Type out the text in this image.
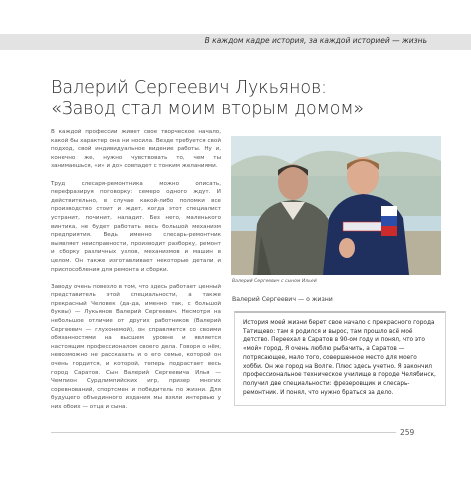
В каждом кадре история, за каждой историей — жизнь
Валерий Сергеевич Лукьянов:
«Завод стал моим вторым домом»

В каждой профессии живет свое творческое начало, какой бы характер она ни носила. Везде требуется свой подход, свой индивидуальное видение работы. Ну и, конечно же, нужно чувствовать то, чем ты занимаешься, «и» и до» совпадет с тонким желаниями.

Труд слесаря-ремонтника можно описать, перефразируя поговорку: семеро одного ждут. И действительно, в случае какой-либо поломки все производство стоит и ждет, когда этот специалист устранит, починит, наладит. Без него, маленького винтика, не будет работать весь большой механизм предприятия. Ведь именно слесарь-ремонтник выявляет неисправности, производит разборку, ремонт и сборку различных узлов, механизмов и машин в целом. Он также изготавливает некоторые детали и приспособления для ремонта и сборки.

Заводу очень повезло в том, что здесь работает ценный представитель этой специальности, а также прекрасный Человек (да-да, именно так, с большой буквы) — Лукьянов Валерий Сергеевич. Несмотря на небольшое отличие от других работников (Валерий Сергеевич — глухонемой), он справляется со своими обязанностями на высшем уровне и является настоящим профессионалом своего дела. Говоря о нём, невозможно не рассказать и о его семье, которой он очень гордится, и которой, теперь подрастает весь город Саратов. Сын Валерий Сергеевича Илья — Чемпион Сурдлимпийских игр, призер многих соревнований, спортсмен и победитель по жизни. Для будущего объединного издания мы взяли интервью у них обоих — отца и сына.

Валерий Сергеевич с сыном Ильей
Валерий Сергеевич — о жизни
История моей жизни берет свое начало с прекрасного города Татищево: там я родился и вырос, там прошло всё моё детство. Переехал в Саратов в 90-ом году и понял, что это «мой» город. Я очень люблю рыбачить, а Саратов — потрясающее, мало того, совершенное место для моего хобби. Он же город на Волге. Плюс здесь учетно. Я закончил профессиональное техническое училище в городе Челябинск, получил две специальности: фрезеровщик и слесарь-ремонтник. И понял, что нужно браться за дело.
259
